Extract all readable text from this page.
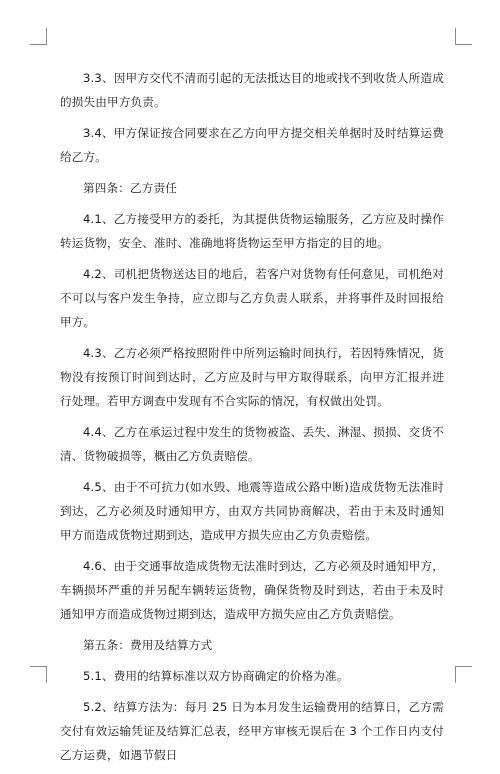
3.3、因甲方交代不清而引起的无法抵达目的地或找不到收货人所造成的损失由甲方负责。

3.4、甲方保证按合同要求在乙方向甲方提交相关单据时及时结算运费给乙方。

第四条：乙方责任

4.1、乙方接受甲方的委托，为其提供货物运输服务，乙方应及时操作转运货物，安全、准时、准确地将货物运至甲方指定的目的地。

4.2、司机把货物送达目的地后，若客户对货物有任何意见，司机绝对不可以与客户发生争持，应立即与乙方负责人联系，并将事件及时回报给甲方。

4.3、乙方必须严格按照附件中所列运输时间执行，若因特殊情况，货物没有按预订时间到达时，乙方应及时与甲方取得联系，向甲方汇报并进行处理。若甲方调查中发现有不合实际的情况，有权做出处罚。

4.4、乙方在承运过程中发生的货物被盗、丢失、淋湿、损损、交货不清、货物破损等，概由乙方负责赔偿。

4.5、由于不可抗力(如水毁、地震等造成公路中断)造成货物无法准时到达，乙方必须及时通知甲方，由双方共同协商解决，若由于未及时通知甲方而造成货物过期到达，造成甲方损失应由乙方负责赔偿。

4.6、由于交通事故造成货物无法准时到达，乙方必须及时通知甲方，车辆损坏严重的并另配车辆转运货物，确保货物及时到达，若由于未及时通知甲方而造成货物过期到达，造成甲方损失应由乙方负责赔偿。

第五条：费用及结算方式

5.1、费用的结算标准以双方协商确定的价格为准。

5.2、结算方法为：每月 25 日为本月发生运输费用的结算日，乙方需交付有效运输凭证及结算汇总表，经甲方审核无误后在 3 个工作日内支付乙方运费，如遇节假日
